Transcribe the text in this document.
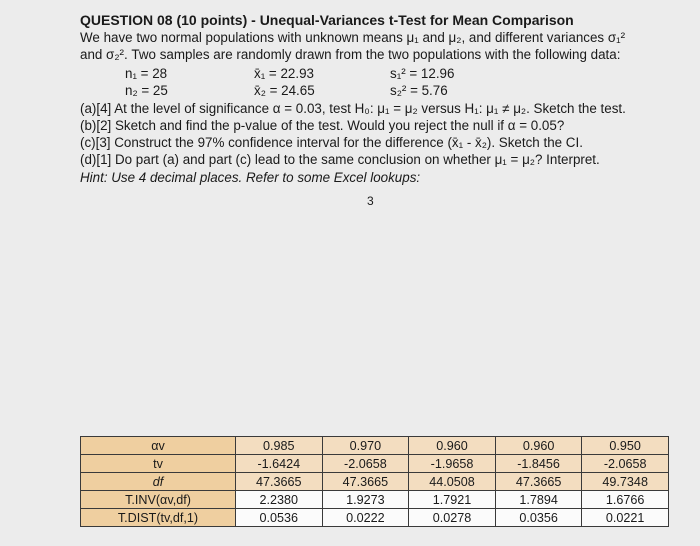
QUESTION 08 (10 points) - Unequal-Variances t-Test for Mean Comparison
We have two normal populations with unknown means μ₁ and μ₂, and different variances σ₁²
and σ₂². Two samples are randomly drawn from the two populations with the following data:
n₁ = 28	x̄₁ = 22.93	s₁² = 12.96
n₂ = 25	x̄₂ = 24.65	s₂² = 5.76
(a)[4] At the level of significance α = 0.03, test H₀: μ₁ = μ₂ versus H₁: μ₁ ≠ μ₂. Sketch the test.
(b)[2] Sketch and find the p-value of the test. Would you reject the null if α = 0.05?
(c)[3] Construct the 97% confidence interval for the difference (x̄₁ - x̄₂). Sketch the CI.
(d)[1] Do part (a) and part (c) lead to the same conclusion on whether μ₁ = μ₂? Interpret.
Hint: Use 4 decimal places. Refer to some Excel lookups:
3
αv	0.985	0.970	0.960	0.960	0.950
tv	-1.6424	-2.0658	-1.9658	-1.8456	-2.0658
df	47.3665	47.3665	44.0508	47.3665	49.7348
T.INV(αv,df)	2.2380	1.9273	1.7921	1.7894	1.6766
T.DIST(tv,df,1)	0.0536	0.0222	0.0278	0.0356	0.0221
